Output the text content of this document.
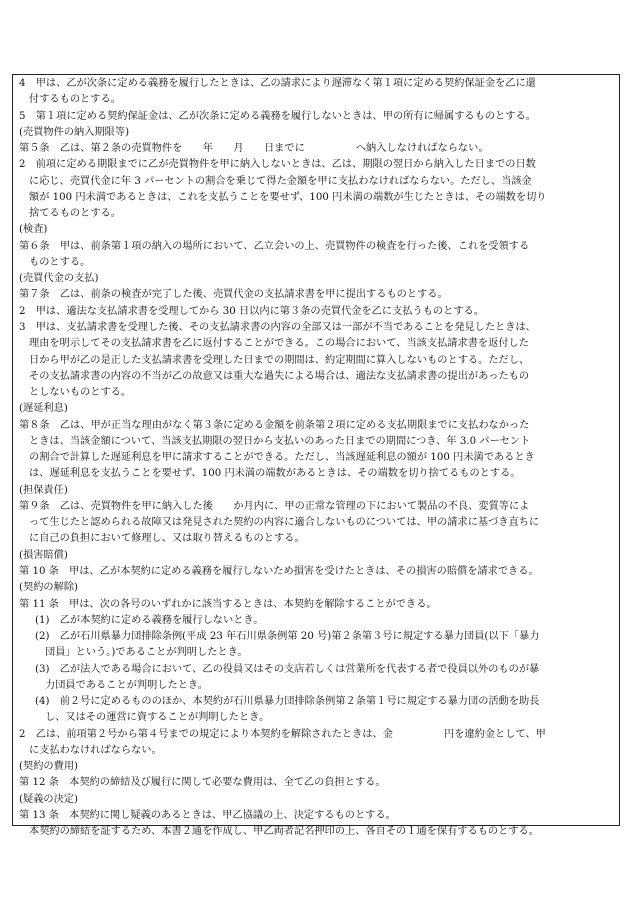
4　甲は、乙が次条に定める義務を履行したときは、乙の請求により遅滞なく第１項に定める契約保証金を乙に還

付するものとする。

5　第１項に定める契約保証金は、乙が次条に定める義務を履行しないときは、甲の所有に帰属するものとする。

(売買物件の納入期限等)

第５条　乙は、第２条の売買物件を　　年　　月　　日までに　　　　　へ納入しなければならない。

2　前項に定める期限までに乙が売買物件を甲に納入しないときは、乙は、期限の翌日から納入した日までの日数

に応じ、売買代金に年 3 パーセントの割合を乗じて得た金額を甲に支払わなければならない。ただし、当該金

額が 100 円未満であるときは、これを支払うことを要せず、100 円未満の端数が生じたときは、その端数を切り

捨てるものとする。

(検査)

第６条　甲は、前条第１項の納入の場所において、乙立会いの上、売買物件の検査を行った後、これを受領する

ものとする。

(売買代金の支払)

第７条　乙は、前条の検査が完了した後、売買代金の支払請求書を甲に提出するものとする。

2　甲は、適法な支払請求書を受理してから 30 日以内に第３条の売買代金を乙に支払うものとする。

3　甲は、支払請求書を受理した後、その支払請求書の内容の全部又は一部が不当であることを発見したときは、

理由を明示してその支払請求書を乙に返付することができる。この場合において、当該支払請求書を返付した

日から甲が乙の是正した支払請求書を受理した日までの期間は、約定期間に算入しないものとする。ただし、

その支払請求書の内容の不当が乙の故意又は重大な過失による場合は、適法な支払請求書の提出があったもの

としないものとする。

(遅延利息)

第８条　乙は、甲が正当な理由がなく第３条に定める金額を前条第２項に定める支払期限までに支払わなかった

ときは、当該金額について、当該支払期限の翌日から支払いのあった日までの期間につき、年 3.0 パーセント

の割合で計算した遅延利息を甲に請求することができる。ただし、当該遅延利息の額が 100 円未満であるとき

は、遅延利息を支払うことを要せず、100 円未満の端数があるときは、その端数を切り捨てるものとする。

(担保責任)

第９条　乙は、売買物件を甲に納入した後　　か月内に、甲の正常な管理の下において製品の不良、変質等によ

って生じたと認められる故障又は発見された契約の内容に適合しないものについては、甲の請求に基づき直ちに

に自己の負担において修理し、又は取り替えるものとする。

(損害賠償)

第 10 条　甲は、乙が本契約に定める義務を履行しないため損害を受けたときは、その損害の賠償を請求できる。

(契約の解除)

第 11 条　甲は、次の各号のいずれかに該当するときは、本契約を解除することができる。

(1)　乙が本契約に定める義務を履行しないとき。

(2)　乙が石川県暴力団排除条例(平成 23 年石川県条例第 20 号)第２条第３号に規定する暴力団員(以下「暴力

団員」という。)であることが判明したとき。

(3)　乙が法人である場合において、乙の役員又はその支店若しくは営業所を代表する者で役員以外のものが暴

力団員であることが判明したとき。

(4)　前２号に定めるもののほか、本契約が石川県暴力団排除条例第２条第１号に規定する暴力団の活動を助長

し、又はその運営に資することが判明したとき。

2　乙は、前項第２号から第４号までの規定により本契約を解除されたときは、金　　　　　円を違約金として、甲

に支払わなければならない。

(契約の費用)

第 12 条　本契約の締結及び履行に関して必要な費用は、全て乙の負担とする。

(疑義の決定)

第 13 条　本契約に関し疑義のあるときは、甲乙協議の上、決定するものとする。

本契約の締結を証するため、本書２通を作成し、甲乙両者記名押印の上、各自その１通を保有するものとする。
